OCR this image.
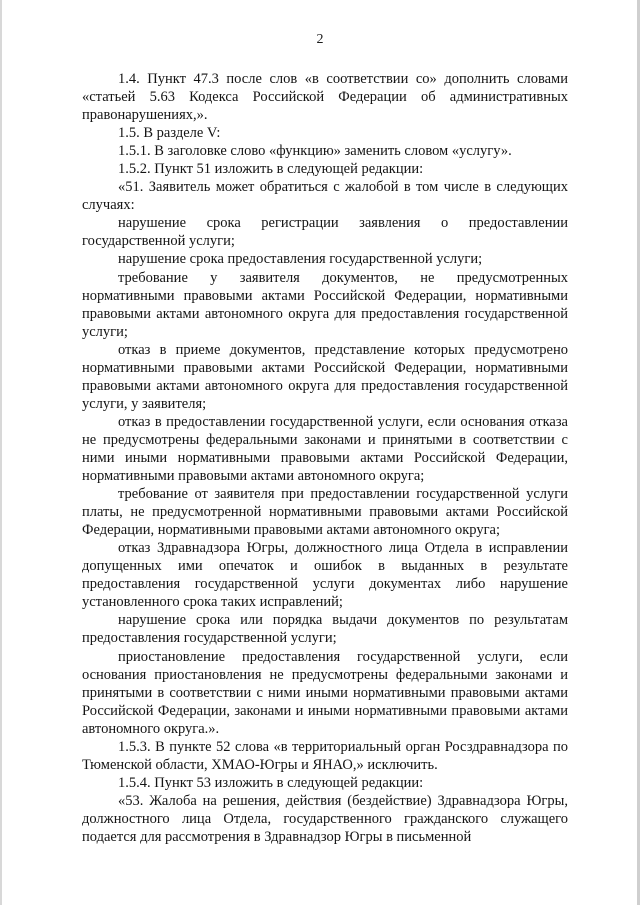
2

1.4. Пункт 47.3 после слов «в соответствии со» дополнить словами «статьей 5.63 Кодекса Российской Федерации об административных правонарушениях,».

1.5. В разделе V:

1.5.1. В заголовке слово «функцию» заменить словом «услугу».

1.5.2. Пункт 51 изложить в следующей редакции:

«51. Заявитель может обратиться с жалобой в том числе в следующих случаях:

нарушение срока регистрации заявления о предоставлении государственной услуги;

нарушение срока предоставления государственной услуги;

требование у заявителя документов, не предусмотренных нормативными правовыми актами Российской Федерации, нормативными правовыми актами автономного округа для предоставления государственной услуги;

отказ в приеме документов, представление которых предусмотрено нормативными правовыми актами Российской Федерации, нормативными правовыми актами автономного округа для предоставления государственной услуги, у заявителя;

отказ в предоставлении государственной услуги, если основания отказа не предусмотрены федеральными законами и принятыми в соответствии с ними иными нормативными правовыми актами Российской Федерации, нормативными правовыми актами автономного округа;

требование от заявителя при предоставлении государственной услуги платы, не предусмотренной нормативными правовыми актами Российской Федерации, нормативными правовыми актами автономного округа;

отказ Здравнадзора Югры, должностного лица Отдела в исправлении допущенных ими опечаток и ошибок в выданных в результате предоставления государственной услуги документах либо нарушение установленного срока таких исправлений;

нарушение срока или порядка выдачи документов по результатам предоставления государственной услуги;

приостановление предоставления государственной услуги, если основания приостановления не предусмотрены федеральными законами и принятыми в соответствии с ними иными нормативными правовыми актами Российской Федерации, законами и иными нормативными правовыми актами автономного округа.».

1.5.3. В пункте 52 слова «в территориальный орган Росздравнадзора по Тюменской области, ХМАО-Югры и ЯНАО,» исключить.

1.5.4. Пункт 53 изложить в следующей редакции:

«53. Жалоба на решения, действия (бездействие) Здравнадзора Югры, должностного лица Отдела, государственного гражданского служащего подается для рассмотрения в Здравнадзор Югры в письменной
